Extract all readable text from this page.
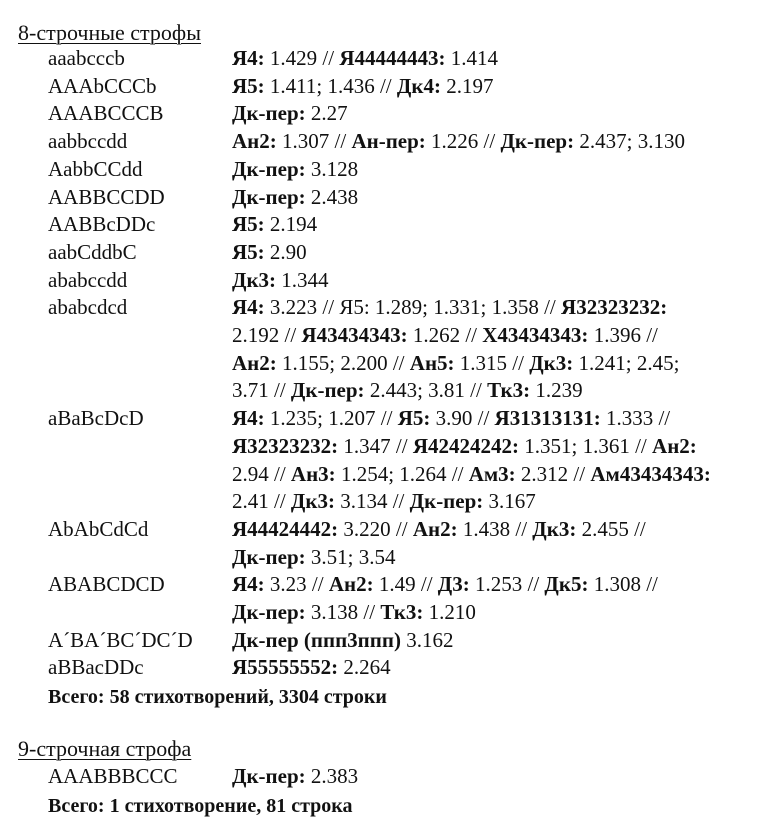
8-строчные строфы
aaabcccb	Я4: 1.429 // Я44444443: 1.414
AAAbCCCb	Я5: 1.411; 1.436 // Дк4: 2.197
AAABCCCB	Дк-пер: 2.27
aabbccdd	Ан2: 1.307 // Ан-пер: 1.226 // Дк-пер: 2.437; 3.130
AabbCCdd	Дк-пер: 3.128
AABBCCDD	Дк-пер: 2.438
AABBcDDc	Я5: 2.194
aabCddbC	Я5: 2.90
ababccdd	Дк3: 1.344
ababcdcd	Я4: 3.223 // Я5: 1.289; 1.331; 1.358 // Я32323232:
2.192 // Я43434343: 1.262 // Х43434343: 1.396 //
Ан2: 1.155; 2.200 // Ан5: 1.315 // Дк3: 1.241; 2.45;
3.71 // Дк-пер: 2.443; 3.81 // Тк3: 1.239
aBaBcDcD	Я4: 1.235; 1.207 // Я5: 3.90 // Я31313131: 1.333 //
Я32323232: 1.347 // Я42424242: 1.351; 1.361 // Ан2:
2.94 // Ан3: 1.254; 1.264 // Ам3: 2.312 // Ам43434343:
2.41 // Дк3: 3.134 // Дк-пер: 3.167
AbAbCdCd	Я44424442: 3.220 // Ан2: 1.438 // Дк3: 2.455 //
Дк-пер: 3.51; 3.54
ABABCDCD	Я4: 3.23 // Ан2: 1.49 // Д3: 1.253 // Дк5: 1.308 //
Дк-пер: 3.138 // Тк3: 1.210
A´BA´BC´DC´D Дк-пер (ппп3ппп) 3.162
aBBacDDc	Я55555552: 2.264
Всего: 58 стихотворений, 3304 строки
9-строчная строфа
AAABBBCCC	Дк-пер: 2.383
Всего: 1 стихотворение, 81 строка
